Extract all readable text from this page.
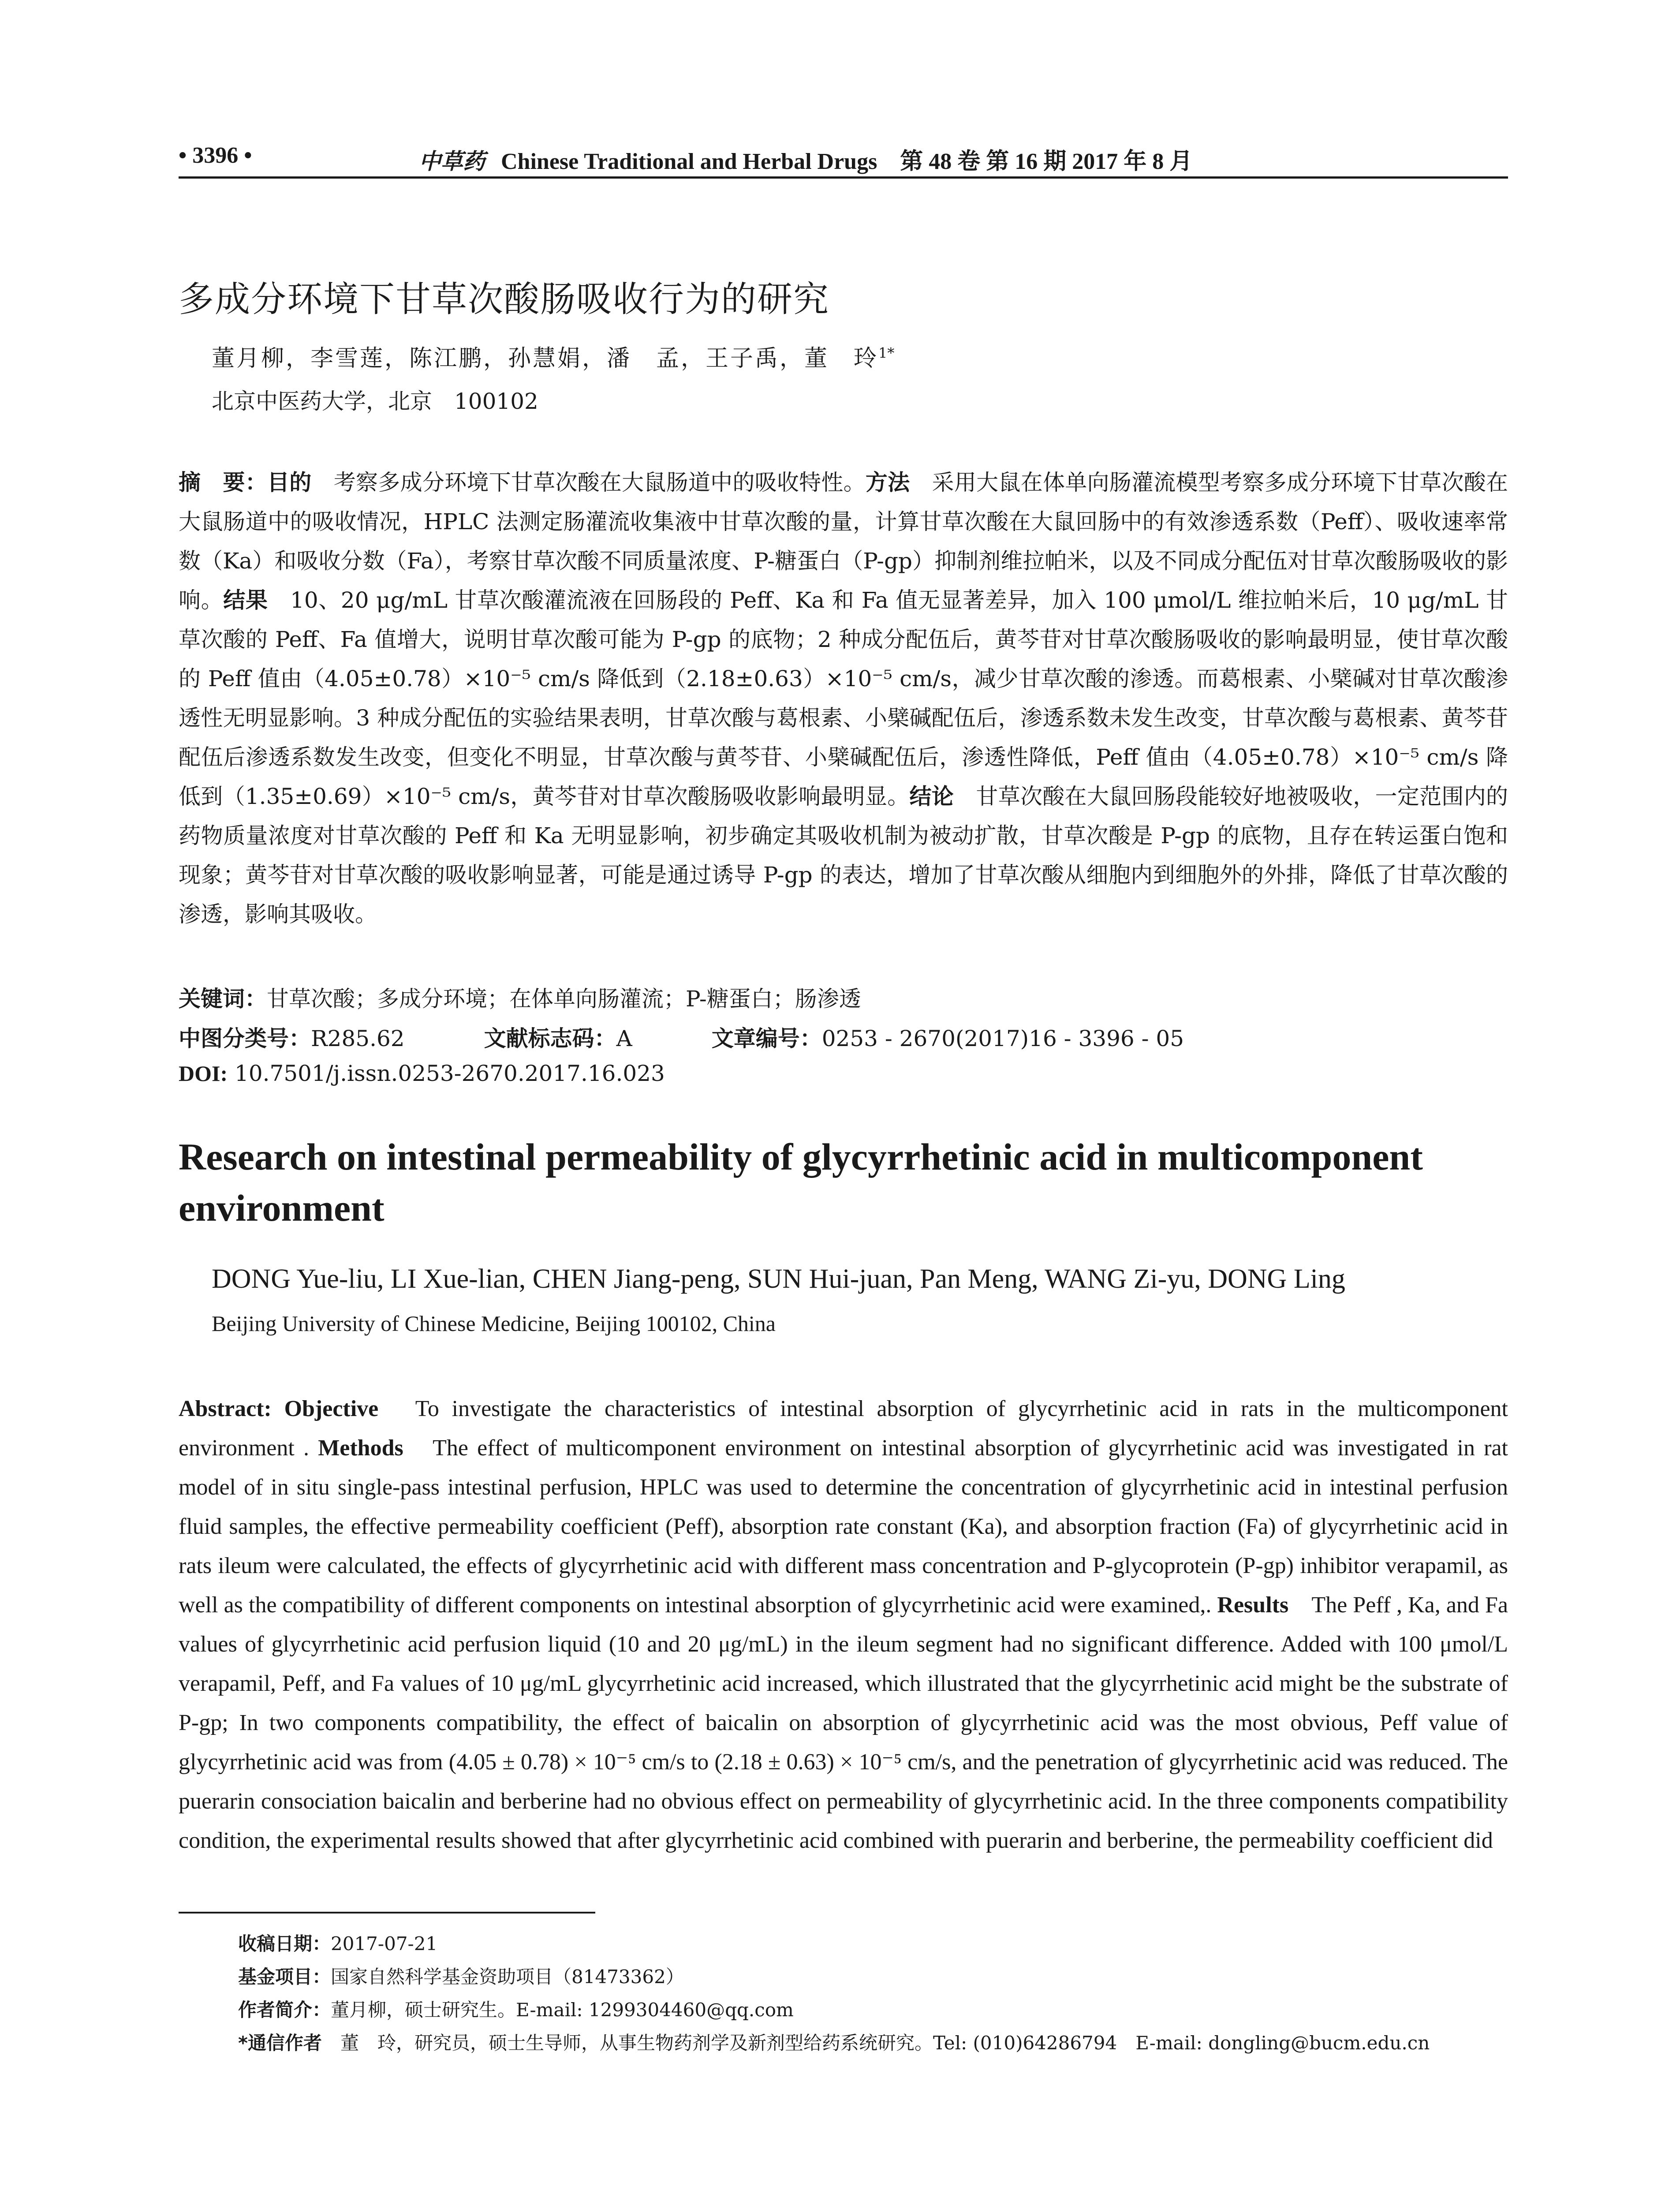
• 3396 •	中草药 Chinese Traditional and Herbal Drugs　第 48 卷 第 16 期 2017 年 8 月
多成分环境下甘草次酸肠吸收行为的研究
董月柳，李雪莲，陈江鹏，孙慧娟，潘　孟，王子禹，董　玲$^{1*}$
北京中医药大学，北京　100102

摘　要：目的　考察多成分环境下甘草次酸在大鼠肠道中的吸收特性。方法　采用大鼠在体单向肠灌流模型考察多成分环境下甘草次酸在大鼠肠道中的吸收情况，HPLC 法测定肠灌流收集液中甘草次酸的量，计算甘草次酸在大鼠回肠中的有效渗透系数（Peff）、吸收速率常数（Ka）和吸收分数（Fa），考察甘草次酸不同质量浓度、P-糖蛋白（P-gp）抑制剂维拉帕米，以及不同成分配伍对甘草次酸肠吸收的影响。结果　10、20 μg/mL 甘草次酸灌流液在回肠段的 Peff、Ka 和 Fa 值无显著差异，加入 100 μmol/L 维拉帕米后，10 μg/mL 甘草次酸的 Peff、Fa 值增大，说明甘草次酸可能为 P-gp 的底物；2 种成分配伍后，黄芩苷对甘草次酸肠吸收的影响最明显，使甘草次酸的 Peff 值由（4.05±0.78）×10⁻⁵ cm/s 降低到（2.18±0.63）×10⁻⁵ cm/s，减少甘草次酸的渗透。而葛根素、小檗碱对甘草次酸渗透性无明显影响。3 种成分配伍的实验结果表明，甘草次酸与葛根素、小檗碱配伍后，渗透系数未发生改变，甘草次酸与葛根素、黄芩苷配伍后渗透系数发生改变，但变化不明显，甘草次酸与黄芩苷、小檗碱配伍后，渗透性降低，Peff 值由（4.05±0.78）×10⁻⁵ cm/s 降低到（1.35±0.69）×10⁻⁵ cm/s，黄芩苷对甘草次酸肠吸收影响最明显。结论　甘草次酸在大鼠回肠段能较好地被吸收，一定范围内的药物质量浓度对甘草次酸的 Peff 和 Ka 无明显影响，初步确定其吸收机制为被动扩散，甘草次酸是 P-gp 的底物，且存在转运蛋白饱和现象；黄芩苷对甘草次酸的吸收影响显著，可能是通过诱导 P-gp 的表达，增加了甘草次酸从细胞内到细胞外的外排，降低了甘草次酸的渗透，影响其吸收。

关键词：甘草次酸；多成分环境；在体单向肠灌流；P-糖蛋白；肠渗透
中图分类号：R285.62	文献标志码：A	文章编号：0253 - 2670(2017)16 - 3396 - 05
DOI: 10.7501/j.issn.0253-2670.2017.16.023
Research on intestinal permeability of glycyrrhetinic acid in multicomponent environment
DONG Yue-liu, LI Xue-lian, CHEN Jiang-peng, SUN Hui-juan, Pan Meng, WANG Zi-yu, DONG Ling
Beijing University of Chinese Medicine, Beijing 100102, China

Abstract: Objective　To investigate the characteristics of intestinal absorption of glycyrrhetinic acid in rats in the multicomponent environment . Methods　The effect of multicomponent environment on intestinal absorption of glycyrrhetinic acid was investigated in rat model of in situ single-pass intestinal perfusion, HPLC was used to determine the concentration of glycyrrhetinic acid in intestinal perfusion fluid samples, the effective permeability coefficient (Peff), absorption rate constant (Ka), and absorption fraction (Fa) of glycyrrhetinic acid in rats ileum were calculated, the effects of glycyrrhetinic acid with different mass concentration and P-glycoprotein (P-gp) inhibitor verapamil, as well as the compatibility of different components on intestinal absorption of glycyrrhetinic acid were examined,. Results　The Peff , Ka, and Fa values of glycyrrhetinic acid perfusion liquid (10 and 20 μg/mL) in the ileum segment had no significant difference. Added with 100 μmol/L verapamil, Peff, and Fa values of 10 μg/mL glycyrrhetinic acid increased, which illustrated that the glycyrrhetinic acid might be the substrate of P-gp; In two components compatibility, the effect of baicalin on absorption of glycyrrhetinic acid was the most obvious, Peff value of glycyrrhetinic acid was from (4.05 ± 0.78) × 10⁻⁵ cm/s to (2.18 ± 0.63) × 10⁻⁵ cm/s, and the penetration of glycyrrhetinic acid was reduced. The puerarin consociation baicalin and berberine had no obvious effect on permeability of glycyrrhetinic acid. In the three components compatibility condition, the experimental results showed that after glycyrrhetinic acid combined with puerarin and berberine, the permeability coefficient did

收稿日期：2017-07-21
基金项目：国家自然科学基金资助项目（81473362）
作者简介：董月柳，硕士研究生。E-mail: 1299304460@qq.com
*通信作者　董　玲，研究员，硕士生导师，从事生物药剂学及新剂型给药系统研究。Tel: (010)64286794　E-mail: dongling@bucm.edu.cn
